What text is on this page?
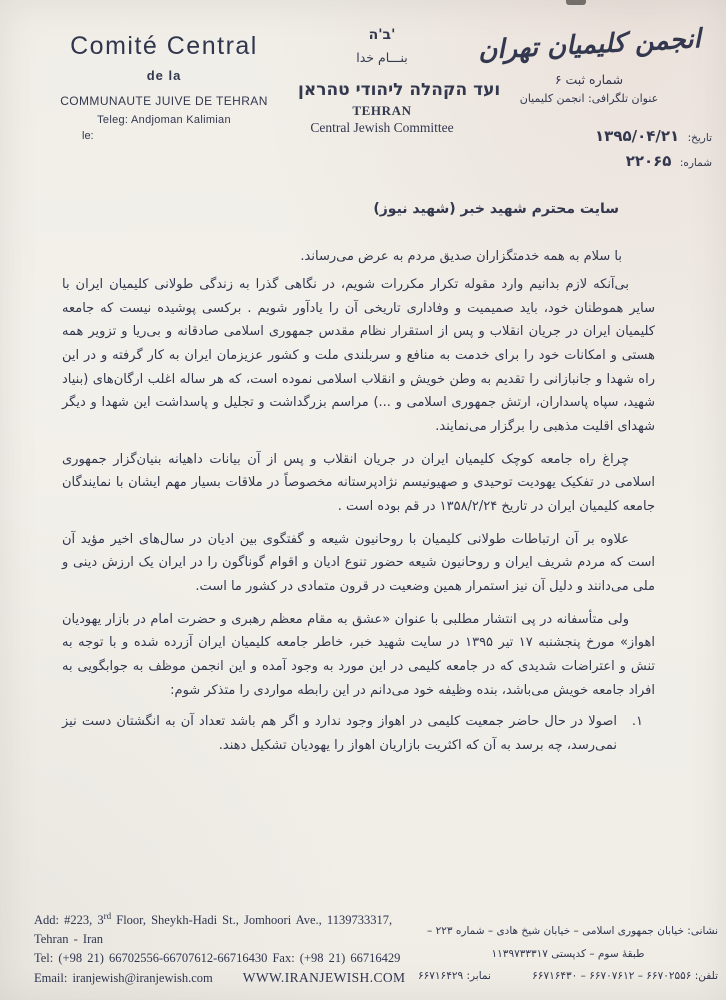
Comité Central
de la
COMMUNAUTE JUIVE DE TEHRAN
Teleg: Andjoman Kalimian
le:
ב'ה'
بنـــام خدا
ועד הקהלה ליהודי טהראן
TEHRAN
Central Jewish Committee
انجمن کلیمیان تهران
شماره ثبت ۶
عنوان تلگرافی: انجمن کلیمیان
تاریخ: ۱۳۹۵/۰۴/۲۱
شماره: ۲۲۰۶۵
سایت محترم شهید خبر (شهید نیوز)

با سلام به همه خدمتگزاران صدیق مردم به عرض می‌رساند.

بی‌آنکه لازم بدانیم وارد مقوله تکرار مکررات شویم، در نگاهی گذرا به زندگی طولانی کلیمیان ایران با سایر هموطنان خود، باید صمیمیت و وفاداری تاریخی آن را یادآور شویم . برکسی پوشیده نیست که جامعه کلیمیان ایران در جریان انقلاب و پس از استقرار نظام مقدس جمهوری اسلامی صادقانه و بی‌ریا و تزویر همه هستی و امکانات خود را برای خدمت به منافع و سربلندی ملت و کشور عزیزمان ایران به کار گرفته و در این راه شهدا و جانبازانی را تقدیم به وطن خویش و انقلاب اسلامی نموده است، که هر ساله اغلب ارگان‌های (بنیاد شهید، سپاه پاسداران، ارتش جمهوری اسلامی و ...) مراسم بزرگداشت و تجلیل و پاسداشت این شهدا و دیگر شهدای اقلیت مذهبی را برگزار می‌نمایند.

چراغ راه جامعه کوچک کلیمیان ایران در جریان انقلاب و پس از آن بیانات داهیانه بنیان‌گزار جمهوری اسلامی در تفکیک یهودیت توحیدی و صهیونیسم نژادپرستانه مخصوصاً در ملاقات بسیار مهم ایشان با نمایندگان جامعه کلیمیان ایران در تاریخ ۱۳۵۸/۲/۲۴ در قم بوده است .

علاوه بر آن ارتباطات طولانی کلیمیان با روحانیون شیعه و گفتگوی بین ادیان در سال‌های اخیر مؤید آن است که مردم شریف ایران و روحانیون شیعه حضور تنوع ادیان و اقوام گوناگون را در ایران یک ارزش دینی و ملی می‌دانند و دلیل آن نیز استمرار همین وضعیت در قرون متمادی در کشور ما است.

ولی متأسفانه در پی انتشار مطلبی با عنوان «عشق به مقام معظم رهبری و حضرت امام در بازار یهودیان اهواز» مورخ پنجشنبه ۱۷ تیر ۱۳۹۵ در سایت شهید خبر، خاطر جامعه کلیمیان ایران آزرده شده و با توجه به تنش و اعتراضات شدیدی که در جامعه کلیمی در این مورد به وجود آمده و این انجمن موظف به جوابگویی به افراد جامعه خویش می‌باشد، بنده وظیفه خود می‌دانم در این رابطه مواردی را متذکر شوم:

۱.
اصولا در حال حاضر جمعیت کلیمی در اهواز وجود ندارد و اگر هم باشد تعداد آن به انگشتان دست نیز نمی‌رسد، چه برسد به آن که اکثریت بازاریان اهواز را یهودیان تشکیل دهند.
Add: #223, 3rd Floor, Sheykh-Hadi St., Jomhoori Ave., 1139733317,
Tehran - Iran
Tel: (+98 21) 66702556-66707612-66716430 Fax: (+98 21) 66716429
Email: iranjewish@iranjewish.com WWW.IRANJEWISH.COM
نشانی: خیابان جمهوری اسلامی – خیابان شیخ هادی – شماره ۲۲۳ –
طبقهٔ سوم – کدپستی ۱۱۳۹۷۳۳۳۱۷
تلفن: ۶۶۷۰۲۵۵۶ – ۶۶۷۰۷۶۱۲ – ۶۶۷۱۶۴۳۰
نمابر: ۶۶۷۱۶۴۲۹
